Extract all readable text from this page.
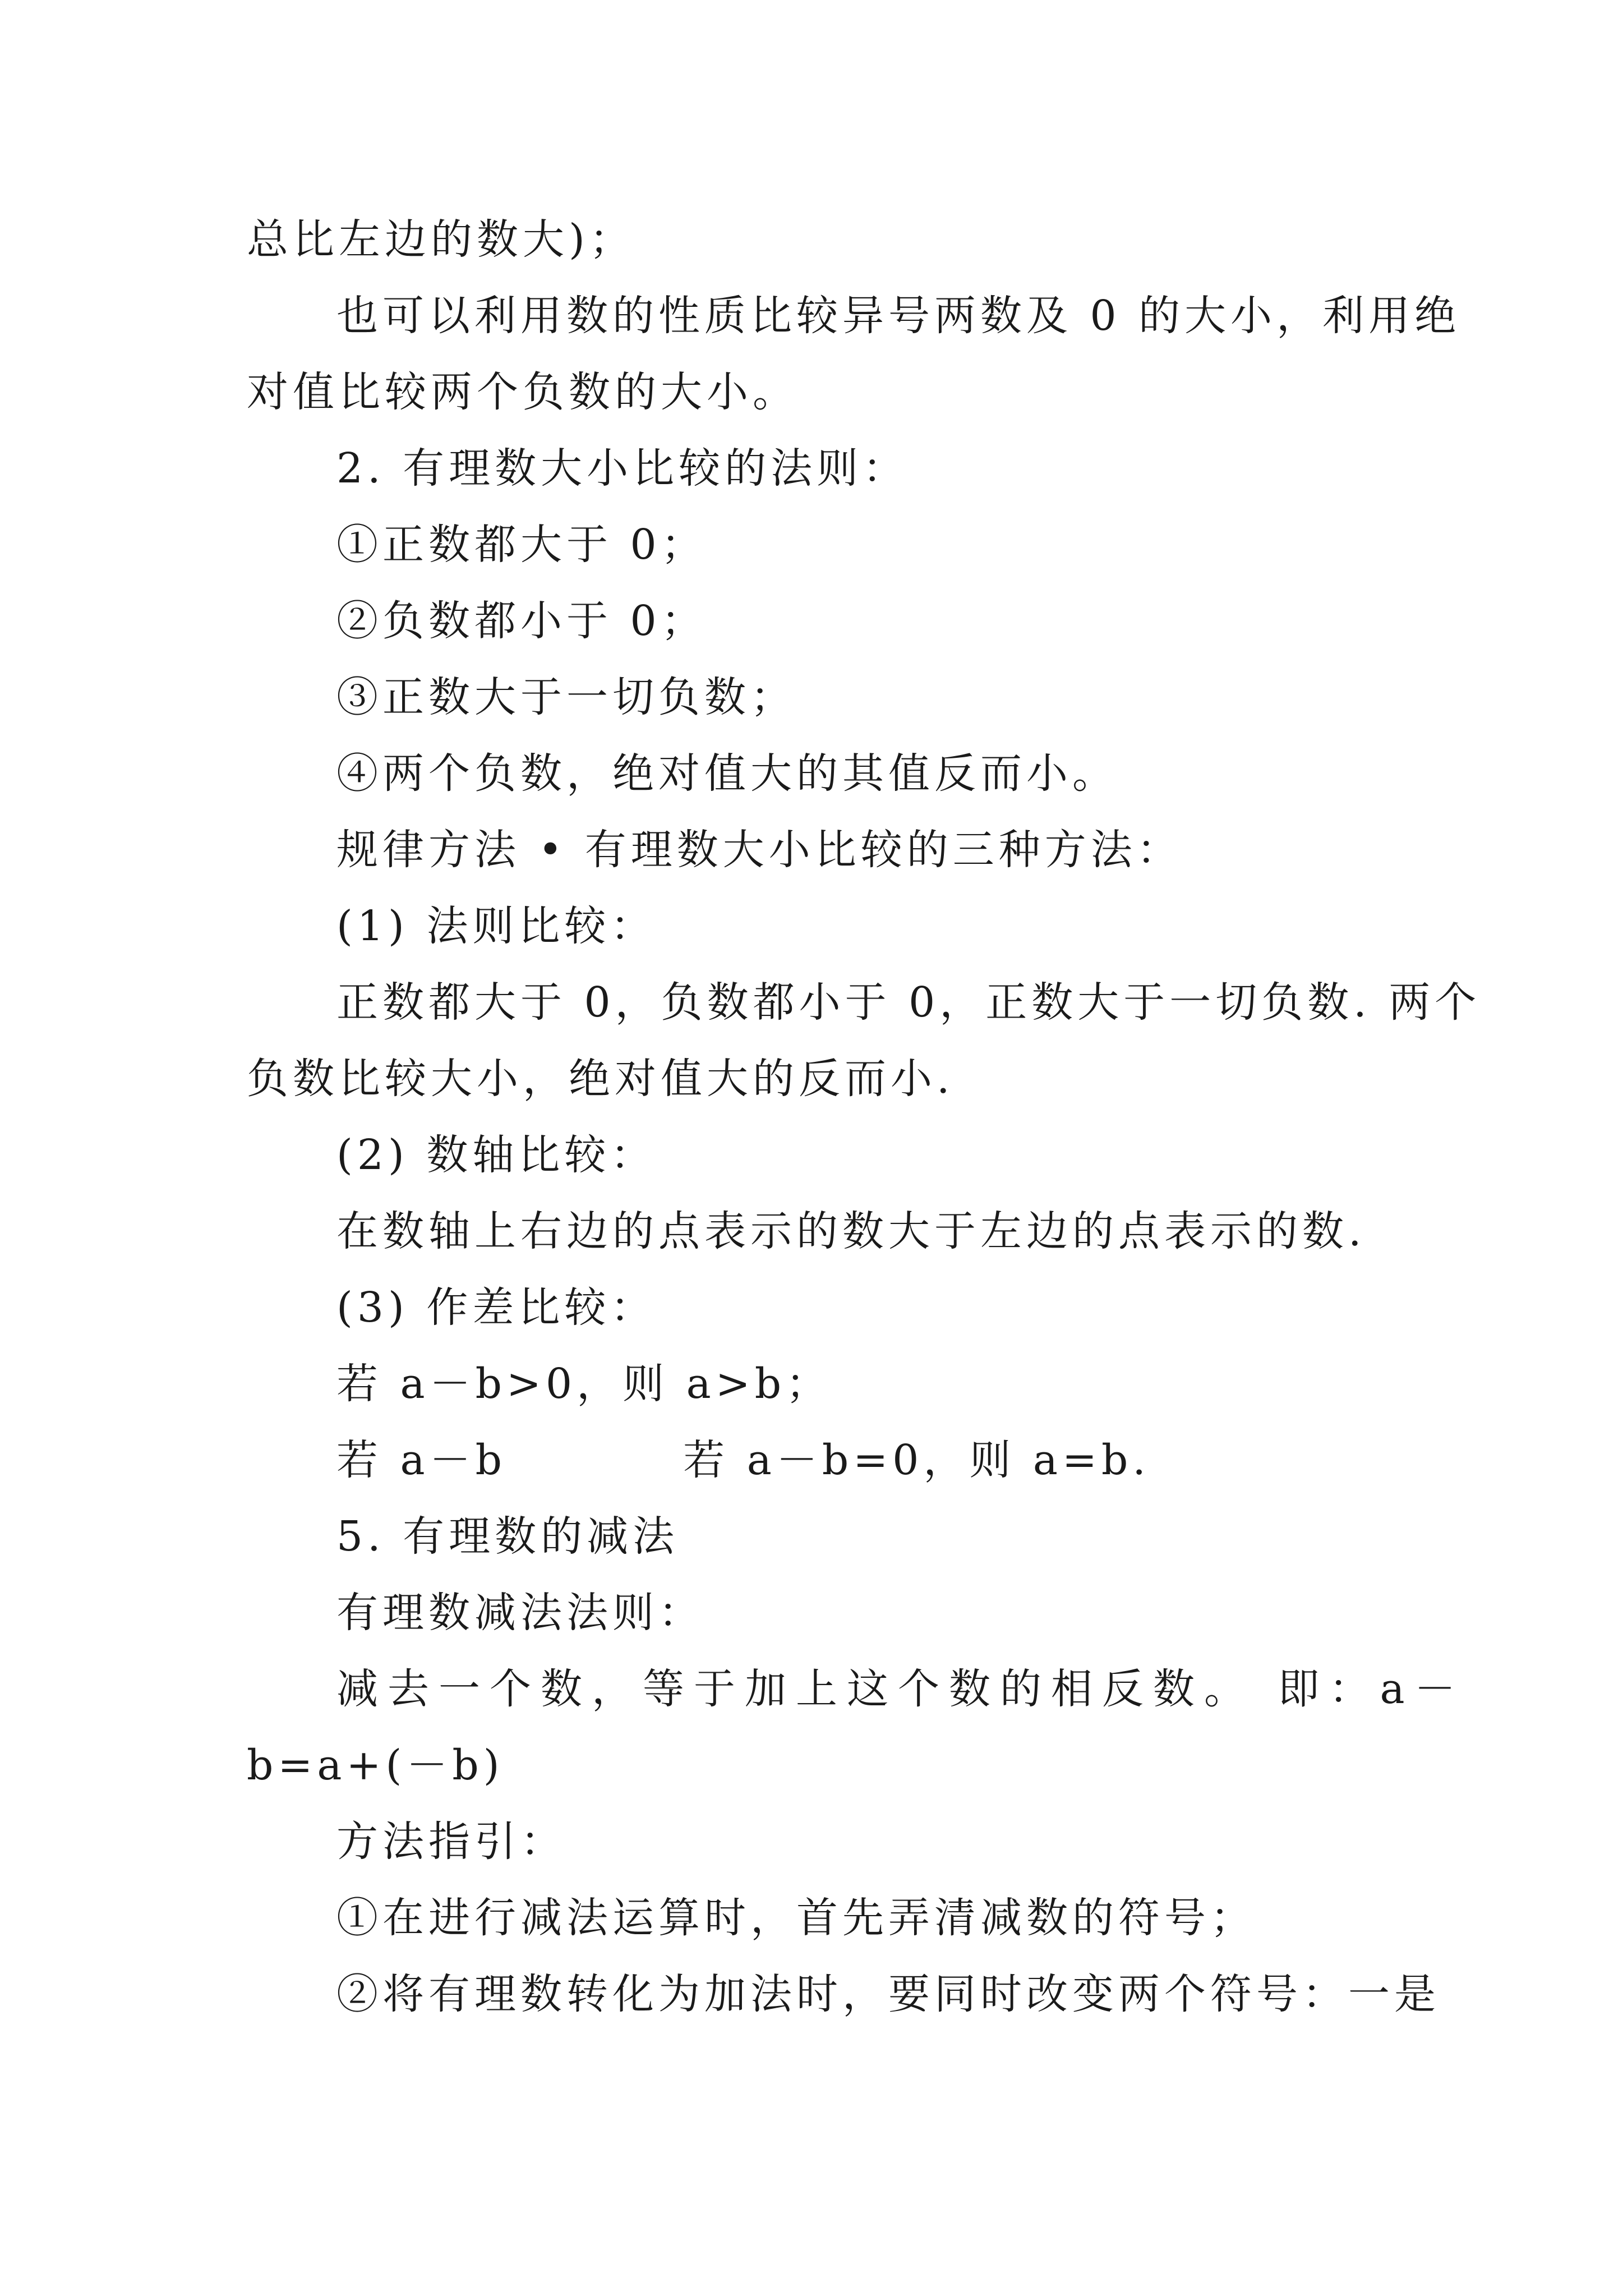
总比左边的数大)；
也可以利用数的性质比较异号两数及 0 的大小，利用绝
对值比较两个负数的大小。
2. 有理数大小比较的法则：
①正数都大于 0；
②负数都小于 0；
③正数大于一切负数；
④两个负数，绝对值大的其值反而小。
规律方法 • 有理数大小比较的三种方法：
(1) 法则比较：
正数都大于 0，负数都小于 0，正数大于一切负数. 两个
负数比较大小，绝对值大的反而小.
(2) 数轴比较：
在数轴上右边的点表示的数大于左边的点表示的数.
(3) 作差比较：
若 a－b>0，则 a>b；
若 a－b          若 a－b=0，则 a=b.
5. 有理数的减法
有理数减法法则：
减去一个数，等于加上这个数的相反数。 即：a－
b=a+(－b)
方法指引：
①在进行减法运算时，首先弄清减数的符号；
②将有理数转化为加法时，要同时改变两个符号：一是
